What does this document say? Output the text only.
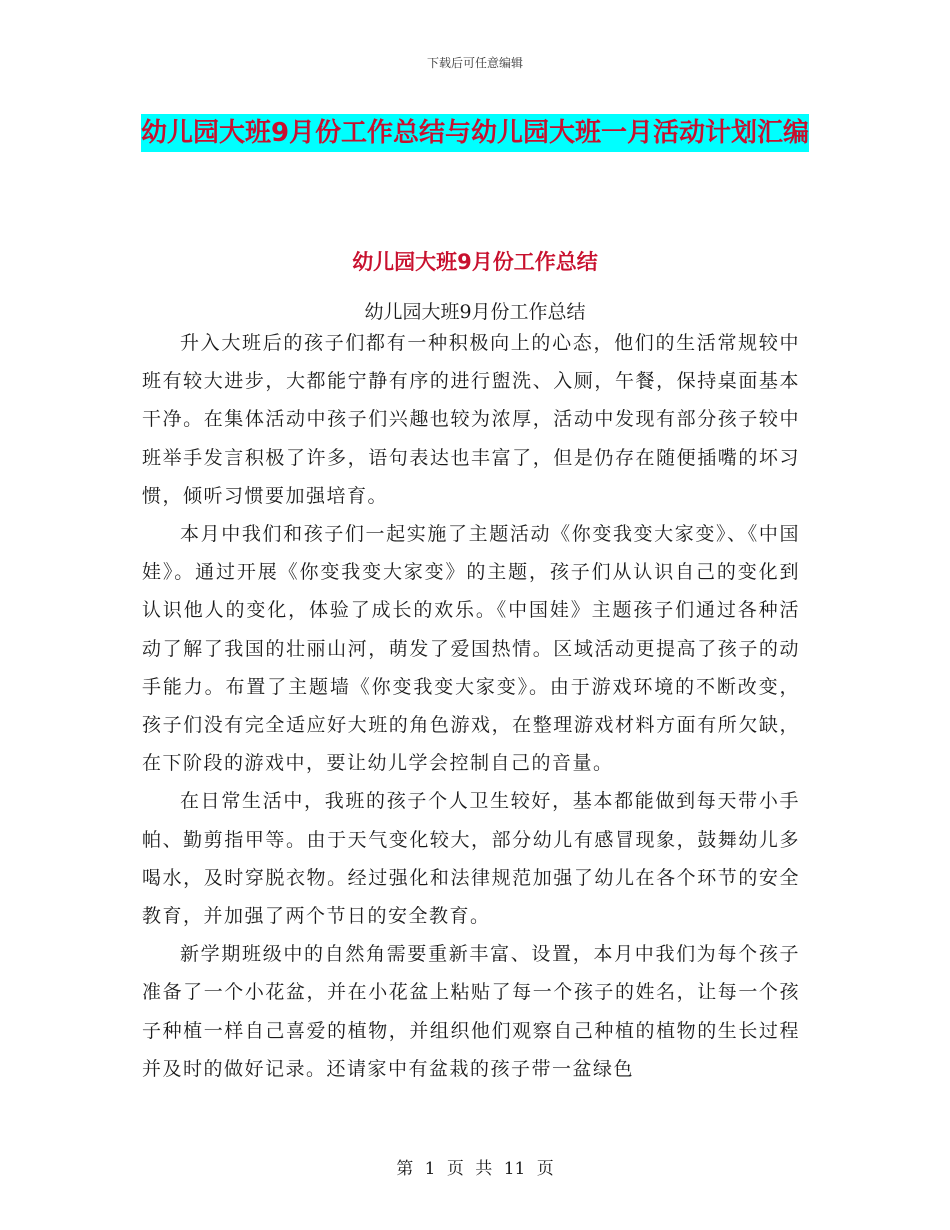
下载后可任意编辑
幼儿园大班9月份工作总结与幼儿园大班一月活动计划汇编
幼儿园大班9月份工作总结
幼儿园大班9月份工作总结

升入大班后的孩子们都有一种积极向上的心态，他们的生活常规较中班有较大进步，大都能宁静有序的进行盥洗、入厕，午餐，保持桌面基本干净。在集体活动中孩子们兴趣也较为浓厚，活动中发现有部分孩子较中班举手发言积极了许多，语句表达也丰富了，但是仍存在随便插嘴的坏习惯，倾听习惯要加强培育。

本月中我们和孩子们一起实施了主题活动《你变我变大家变》、《中国娃》。通过开展《你变我变大家变》的主题，孩子们从认识自己的变化到认识他人的变化，体验了成长的欢乐。《中国娃》主题孩子们通过各种活动了解了我国的壮丽山河，萌发了爱国热情。区域活动更提高了孩子的动手能力。布置了主题墙《你变我变大家变》。由于游戏环境的不断改变，孩子们没有完全适应好大班的角色游戏，在整理游戏材料方面有所欠缺，在下阶段的游戏中，要让幼儿学会控制自己的音量。

在日常生活中，我班的孩子个人卫生较好，基本都能做到每天带小手帕、勤剪指甲等。由于天气变化较大，部分幼儿有感冒现象，鼓舞幼儿多喝水，及时穿脱衣物。经过强化和法律规范加强了幼儿在各个环节的安全教育，并加强了两个节日的安全教育。

新学期班级中的自然角需要重新丰富、设置，本月中我们为每个孩子准备了一个小花盆，并在小花盆上粘贴了每一个孩子的姓名，让每一个孩子种植一样自己喜爱的植物，并组织他们观察自己种植的植物的生长过程并及时的做好记录。还请家中有盆栽的孩子带一盆绿色

第 1 页 共 11 页
